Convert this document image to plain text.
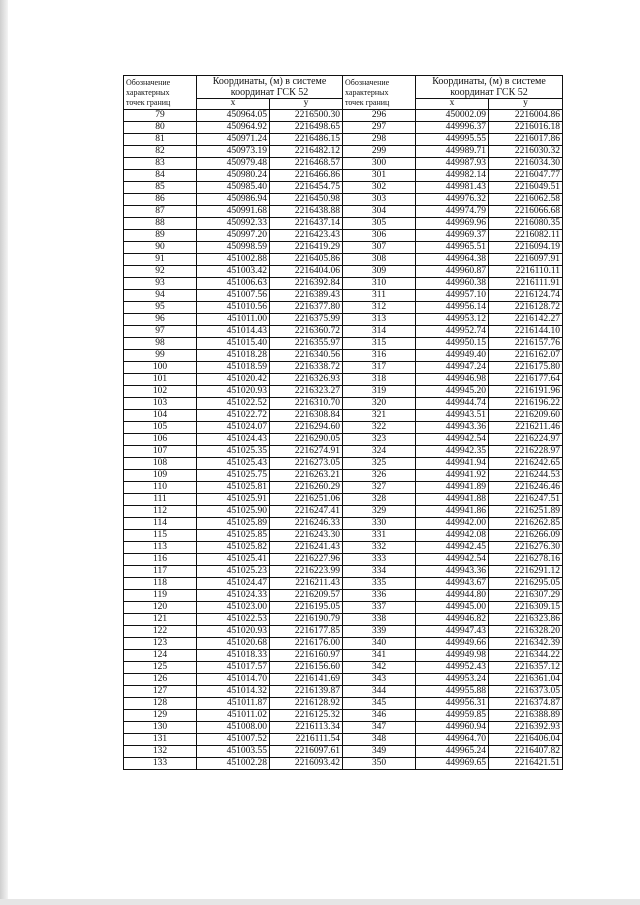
Обозначение
характерных
точек границ	Координаты, (м) в системе
координат ГСК 52		Обозначение
характерных
точек границ	Координаты, (м) в системе
координат ГСК 52	
	x	y		x	y
79	450964.05	2216500.30	296	450002.09	2216004.86
80	450964.92	2216498.65	297	449996.37	2216016.18
81	450971.24	2216486.15	298	449995.55	2216017.86
82	450973.19	2216482.12	299	449989.71	2216030.32
83	450979.48	2216468.57	300	449987.93	2216034.30
84	450980.24	2216466.86	301	449982.14	2216047.77
85	450985.40	2216454.75	302	449981.43	2216049.51
86	450986.94	2216450.98	303	449976.32	2216062.58
87	450991.68	2216438.88	304	449974.79	2216066.68
88	450992.33	2216437.14	305	449969.96	2216080.35
89	450997.20	2216423.43	306	449969.37	2216082.11
90	450998.59	2216419.29	307	449965.51	2216094.19
91	451002.88	2216405.86	308	449964.38	2216097.91
92	451003.42	2216404.06	309	449960.87	2216110.11
93	451006.63	2216392.84	310	449960.38	2216111.91
94	451007.56	2216389.43	311	449957.10	2216124.74
95	451010.56	2216377.80	312	449956.14	2216128.72
96	451011.00	2216375.99	313	449953.12	2216142.27
97	451014.43	2216360.72	314	449952.74	2216144.10
98	451015.40	2216355.97	315	449950.15	2216157.76
99	451018.28	2216340.56	316	449949.40	2216162.07
100	451018.59	2216338.72	317	449947.24	2216175.80
101	451020.42	2216326.93	318	449946.98	2216177.64
102	451020.93	2216323.27	319	449945.20	2216191.96
103	451022.52	2216310.70	320	449944.74	2216196.22
104	451022.72	2216308.84	321	449943.51	2216209.60
105	451024.07	2216294.60	322	449943.36	2216211.46
106	451024.43	2216290.05	323	449942.54	2216224.97
107	451025.35	2216274.91	324	449942.35	2216228.97
108	451025.43	2216273.05	325	449941.94	2216242.65
109	451025.75	2216263.21	326	449941.92	2216244.53
110	451025.81	2216260.29	327	449941.89	2216246.46
111	451025.91	2216251.06	328	449941.88	2216247.51
112	451025.90	2216247.41	329	449941.86	2216251.89
114	451025.89	2216246.33	330	449942.00	2216262.85
115	451025.85	2216243.30	331	449942.08	2216266.09
113	451025.82	2216241.43	332	449942.45	2216276.30
116	451025.41	2216227.96	333	449942.54	2216278.16
117	451025.23	2216223.99	334	449943.36	2216291.12
118	451024.47	2216211.43	335	449943.67	2216295.05
119	451024.33	2216209.57	336	449944.80	2216307.29
120	451023.00	2216195.05	337	449945.00	2216309.15
121	451022.53	2216190.79	338	449946.82	2216323.86
122	451020.93	2216177.85	339	449947.43	2216328.20
123	451020.68	2216176.00	340	449949.66	2216342.39
124	451018.33	2216160.97	341	449949.98	2216344.22
125	451017.57	2216156.60	342	449952.43	2216357.12
126	451014.70	2216141.69	343	449953.24	2216361.04
127	451014.32	2216139.87	344	449955.88	2216373.05
128	451011.87	2216128.92	345	449956.31	2216374.87
129	451011.02	2216125.32	346	449959.85	2216388.89
130	451008.00	2216113.34	347	449960.94	2216392.93
131	451007.52	2216111.54	348	449964.70	2216406.04
132	451003.55	2216097.61	349	449965.24	2216407.82
133	451002.28	2216093.42	350	449969.65	2216421.51
